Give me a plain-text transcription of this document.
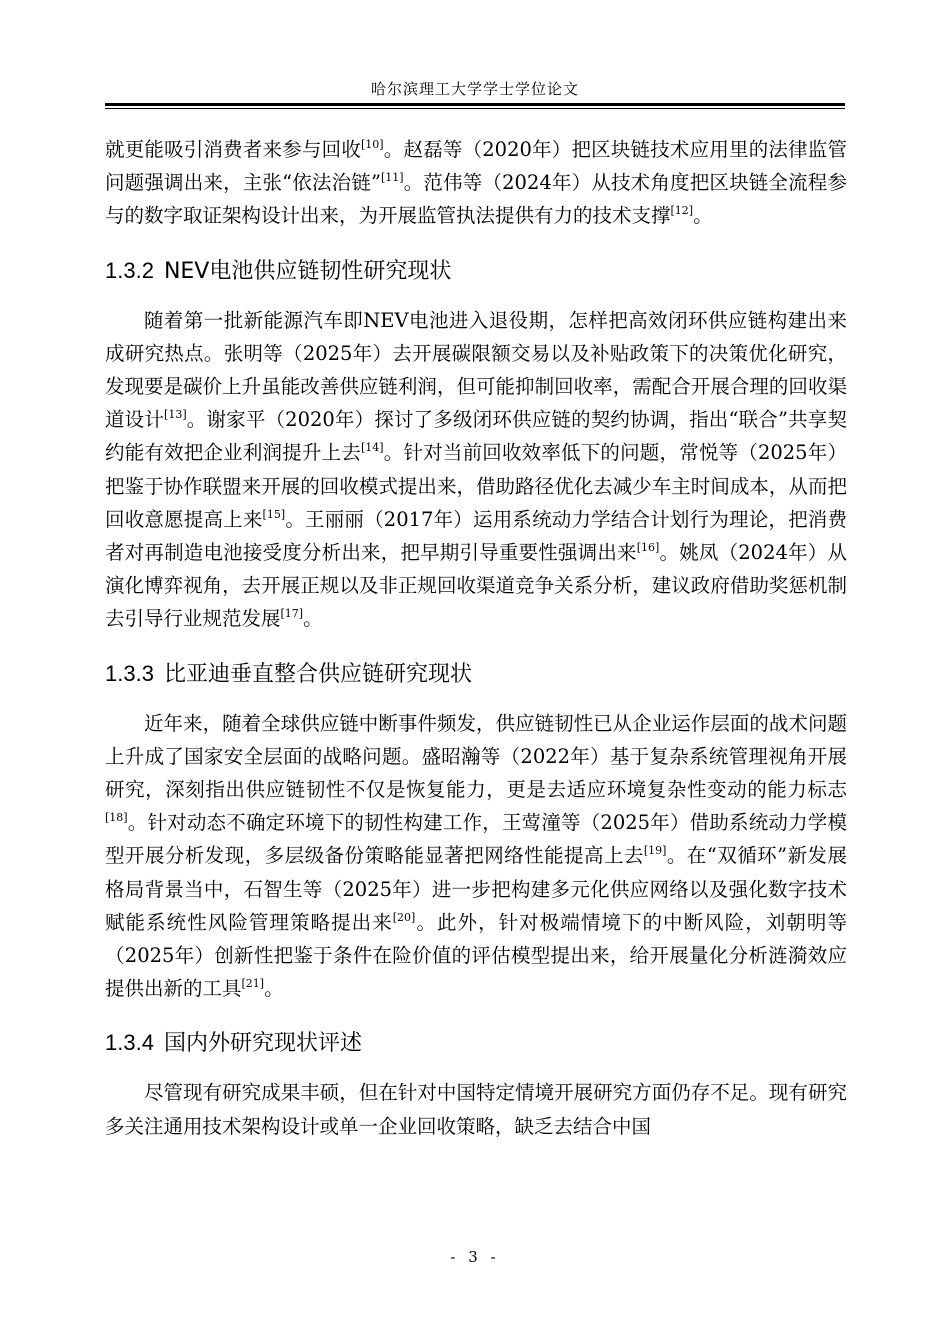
哈尔滨理工大学学士学位论文

就更能吸引消费者来参与回收[10]。赵磊等（2020年）把区块链技术应用里的法律监管问题强调出来，主张“依法治链”[11]。范伟等（2024年）从技术角度把区块链全流程参与的数字取证架构设计出来，为开展监管执法提供有力的技术支撑[12]。

1.3.2 NEV电池供应链韧性研究现状

随着第一批新能源汽车即NEV电池进入退役期，怎样把高效闭环供应链构建出来成研究热点。张明等（2025年）去开展碳限额交易以及补贴政策下的决策优化研究，发现要是碳价上升虽能改善供应链利润，但可能抑制回收率，需配合开展合理的回收渠道设计[13]。谢家平（2020年）探讨了多级闭环供应链的契约协调，指出“联合”共享契约能有效把企业利润提升上去[14]。针对当前回收效率低下的问题，常悦等（2025年）把鉴于协作联盟来开展的回收模式提出来，借助路径优化去减少车主时间成本，从而把回收意愿提高上来[15]。王丽丽（2017年）运用系统动力学结合计划行为理论，把消费者对再制造电池接受度分析出来，把早期引导重要性强调出来[16]。姚凤（2024年）从演化博弈视角，去开展正规以及非正规回收渠道竞争关系分析，建议政府借助奖惩机制去引导行业规范发展[17]。

1.3.3 比亚迪垂直整合供应链研究现状

近年来，随着全球供应链中断事件频发，供应链韧性已从企业运作层面的战术问题上升成了国家安全层面的战略问题。盛昭瀚等（2022年）基于复杂系统管理视角开展研究，深刻指出供应链韧性不仅是恢复能力，更是去适应环境复杂性变动的能力标志[18]。针对动态不确定环境下的韧性构建工作，王莺潼等（2025年）借助系统动力学模型开展分析发现，多层级备份策略能显著把网络性能提高上去[19]。在“双循环”新发展格局背景当中，石智生等（2025年）进一步把构建多元化供应网络以及强化数字技术赋能系统性风险管理策略提出来[20]。此外，针对极端情境下的中断风险，刘朝明等（2025年）创新性把鉴于条件在险价值的评估模型提出来，给开展量化分析涟漪效应提供出新的工具[21]。

1.3.4 国内外研究现状评述

尽管现有研究成果丰硕，但在针对中国特定情境开展研究方面仍存不足。现有研究多关注通用技术架构设计或单一企业回收策略，缺乏去结合中国

- 3 -
